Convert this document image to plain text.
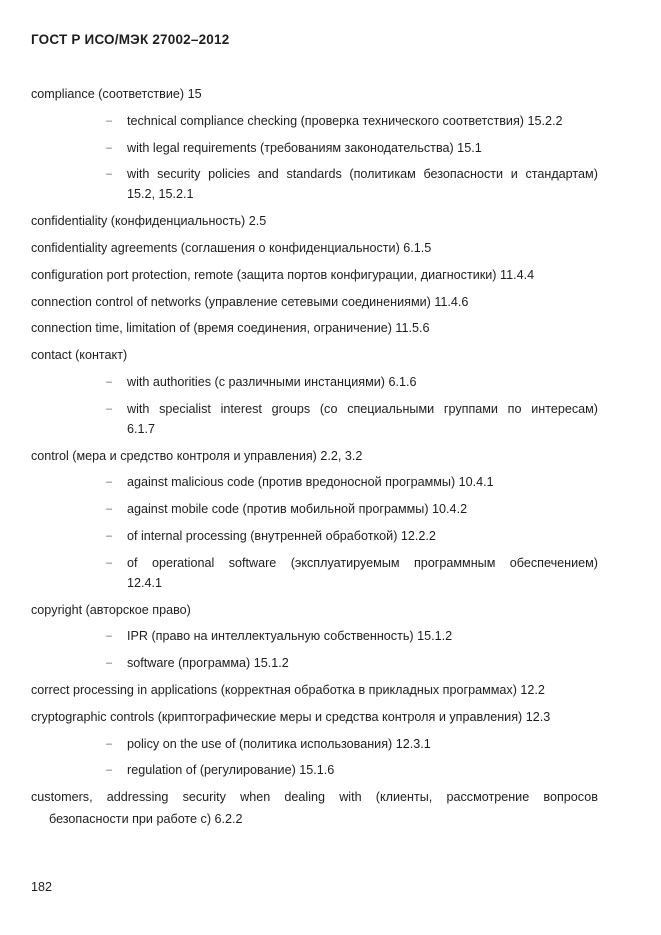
ГОСТ Р ИСО/МЭК 27002–2012
compliance (соответствие) 15
– technical compliance checking (проверка технического соответствия) 15.2.2
– with legal requirements (требованиям законодательства) 15.1
– with security policies and standards (политикам безопасности и стандартам)
15.2, 15.2.1
confidentiality (конфиденциальность) 2.5
confidentiality agreements (соглашения о конфиденциальности) 6.1.5
configuration port protection, remote (защита портов конфигурации, диагностики) 11.4.4
connection control of networks (управление сетевыми соединениями) 11.4.6
connection time, limitation of (время соединения, ограничение) 11.5.6
contact (контакт)
– with authorities (с различными инстанциями) 6.1.6
– with specialist interest groups (со специальными группами по интересам)
6.1.7
control (мера и средство контроля и управления) 2.2, 3.2
– against malicious code (против вредоносной программы) 10.4.1
– against mobile code (против мобильной программы) 10.4.2
– of internal processing (внутренней обработкой) 12.2.2
– of operational software (эксплуатируемым программным обеспечением)
12.4.1
copyright (авторское право)
– IPR (право на интеллектуальную собственность) 15.1.2
– software (программа) 15.1.2
correct processing in applications (корректная обработка в прикладных программах) 12.2
cryptographic controls (криптографические меры и средства контроля и управления) 12.3
– policy on the use of (политика использования) 12.3.1
– regulation of (регулирование) 15.1.6
customers, addressing security when dealing with (клиенты, рассмотрение вопросов
безопасности при работе с) 6.2.2
182
